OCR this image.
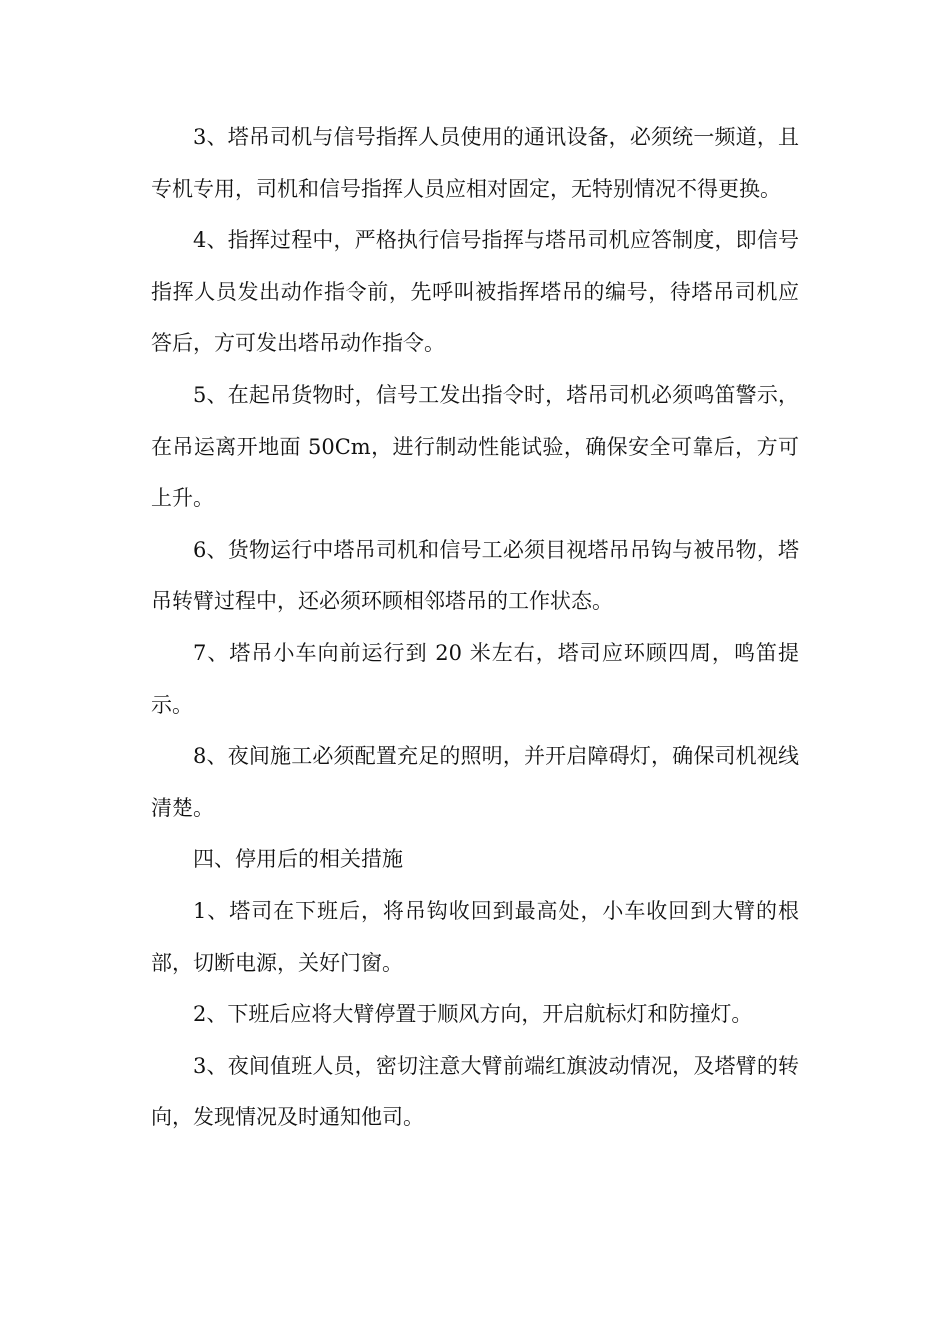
3、塔吊司机与信号指挥人员使用的通讯设备，必须统一频道，且专机专用，司机和信号指挥人员应相对固定，无特别情况不得更换。

4、指挥过程中，严格执行信号指挥与塔吊司机应答制度，即信号指挥人员发出动作指令前，先呼叫被指挥塔吊的编号，待塔吊司机应答后，方可发出塔吊动作指令。

5、在起吊货物时，信号工发出指令时，塔吊司机必须鸣笛警示，在吊运离开地面 50Cm，进行制动性能试验，确保安全可靠后，方可上升。

6、货物运行中塔吊司机和信号工必须目视塔吊吊钩与被吊物，塔吊转臂过程中，还必须环顾相邻塔吊的工作状态。

7、塔吊小车向前运行到 20 米左右，塔司应环顾四周，鸣笛提示。

8、夜间施工必须配置充足的照明，并开启障碍灯，确保司机视线清楚。

四、停用后的相关措施

1、塔司在下班后，将吊钩收回到最高处，小车收回到大臂的根部，切断电源，关好门窗。

2、下班后应将大臂停置于顺风方向，开启航标灯和防撞灯。

3、夜间值班人员，密切注意大臂前端红旗波动情况，及塔臂的转向，发现情况及时通知他司。
